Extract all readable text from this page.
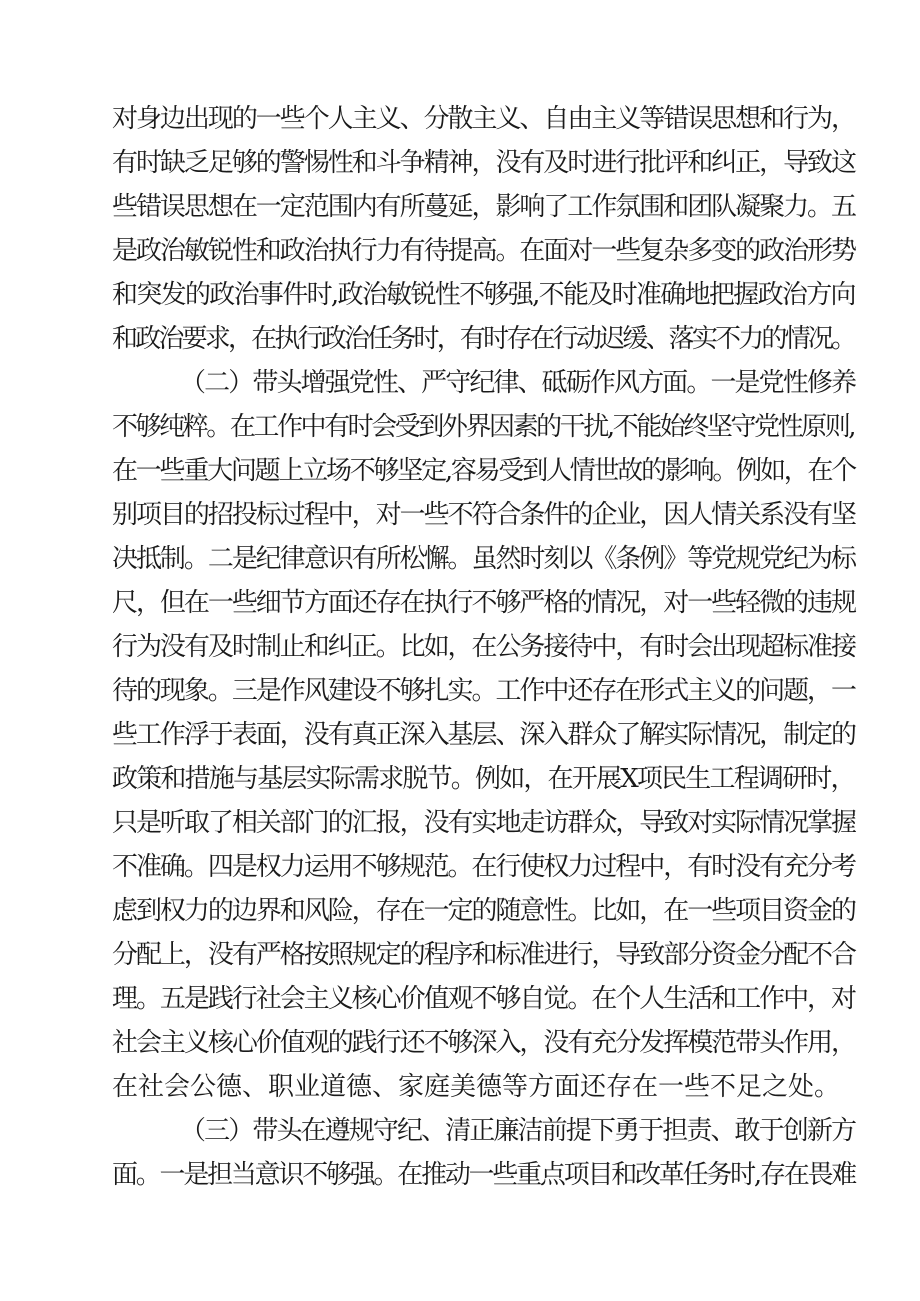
对身边出现的一些个人主义、分散主义、自由主义等错误思想和行为，
有时缺乏足够的警惕性和斗争精神，没有及时进行批评和纠正，导致这
些错误思想在一定范围内有所蔓延，影响了工作氛围和团队凝聚力。五
是政治敏锐性和政治执行力有待提高。在面对一些复杂多变的政治形势
和突发的政治事件时,政治敏锐性不够强,不能及时准确地把握政治方向
和政治要求，在执行政治任务时，有时存在行动迟缓、落实不力的情况。
（二）带头增强党性、严守纪律、砥砺作风方面。一是党性修养
不够纯粹。在工作中有时会受到外界因素的干扰,不能始终坚守党性原则,
在一些重大问题上立场不够坚定,容易受到人情世故的影响。例如，在个
别项目的招投标过程中，对一些不符合条件的企业，因人情关系没有坚
决抵制。二是纪律意识有所松懈。虽然时刻以《条例》等党规党纪为标
尺，但在一些细节方面还存在执行不够严格的情况，对一些轻微的违规
行为没有及时制止和纠正。比如，在公务接待中，有时会出现超标准接
待的现象。三是作风建设不够扎实。工作中还存在形式主义的问题，一
些工作浮于表面，没有真正深入基层、深入群众了解实际情况，制定的
政策和措施与基层实际需求脱节。例如，在开展X项民生工程调研时，
只是听取了相关部门的汇报，没有实地走访群众，导致对实际情况掌握
不准确。四是权力运用不够规范。在行使权力过程中，有时没有充分考
虑到权力的边界和风险，存在一定的随意性。比如，在一些项目资金的
分配上，没有严格按照规定的程序和标准进行，导致部分资金分配不合
理。五是践行社会主义核心价值观不够自觉。在个人生活和工作中，对
社会主义核心价值观的践行还不够深入，没有充分发挥模范带头作用，
在社会公德、职业道德、家庭美德等方面还存在一些不足之处。
（三）带头在遵规守纪、清正廉洁前提下勇于担责、敢于创新方
面。一是担当意识不够强。在推动一些重点项目和改革任务时,存在畏难
